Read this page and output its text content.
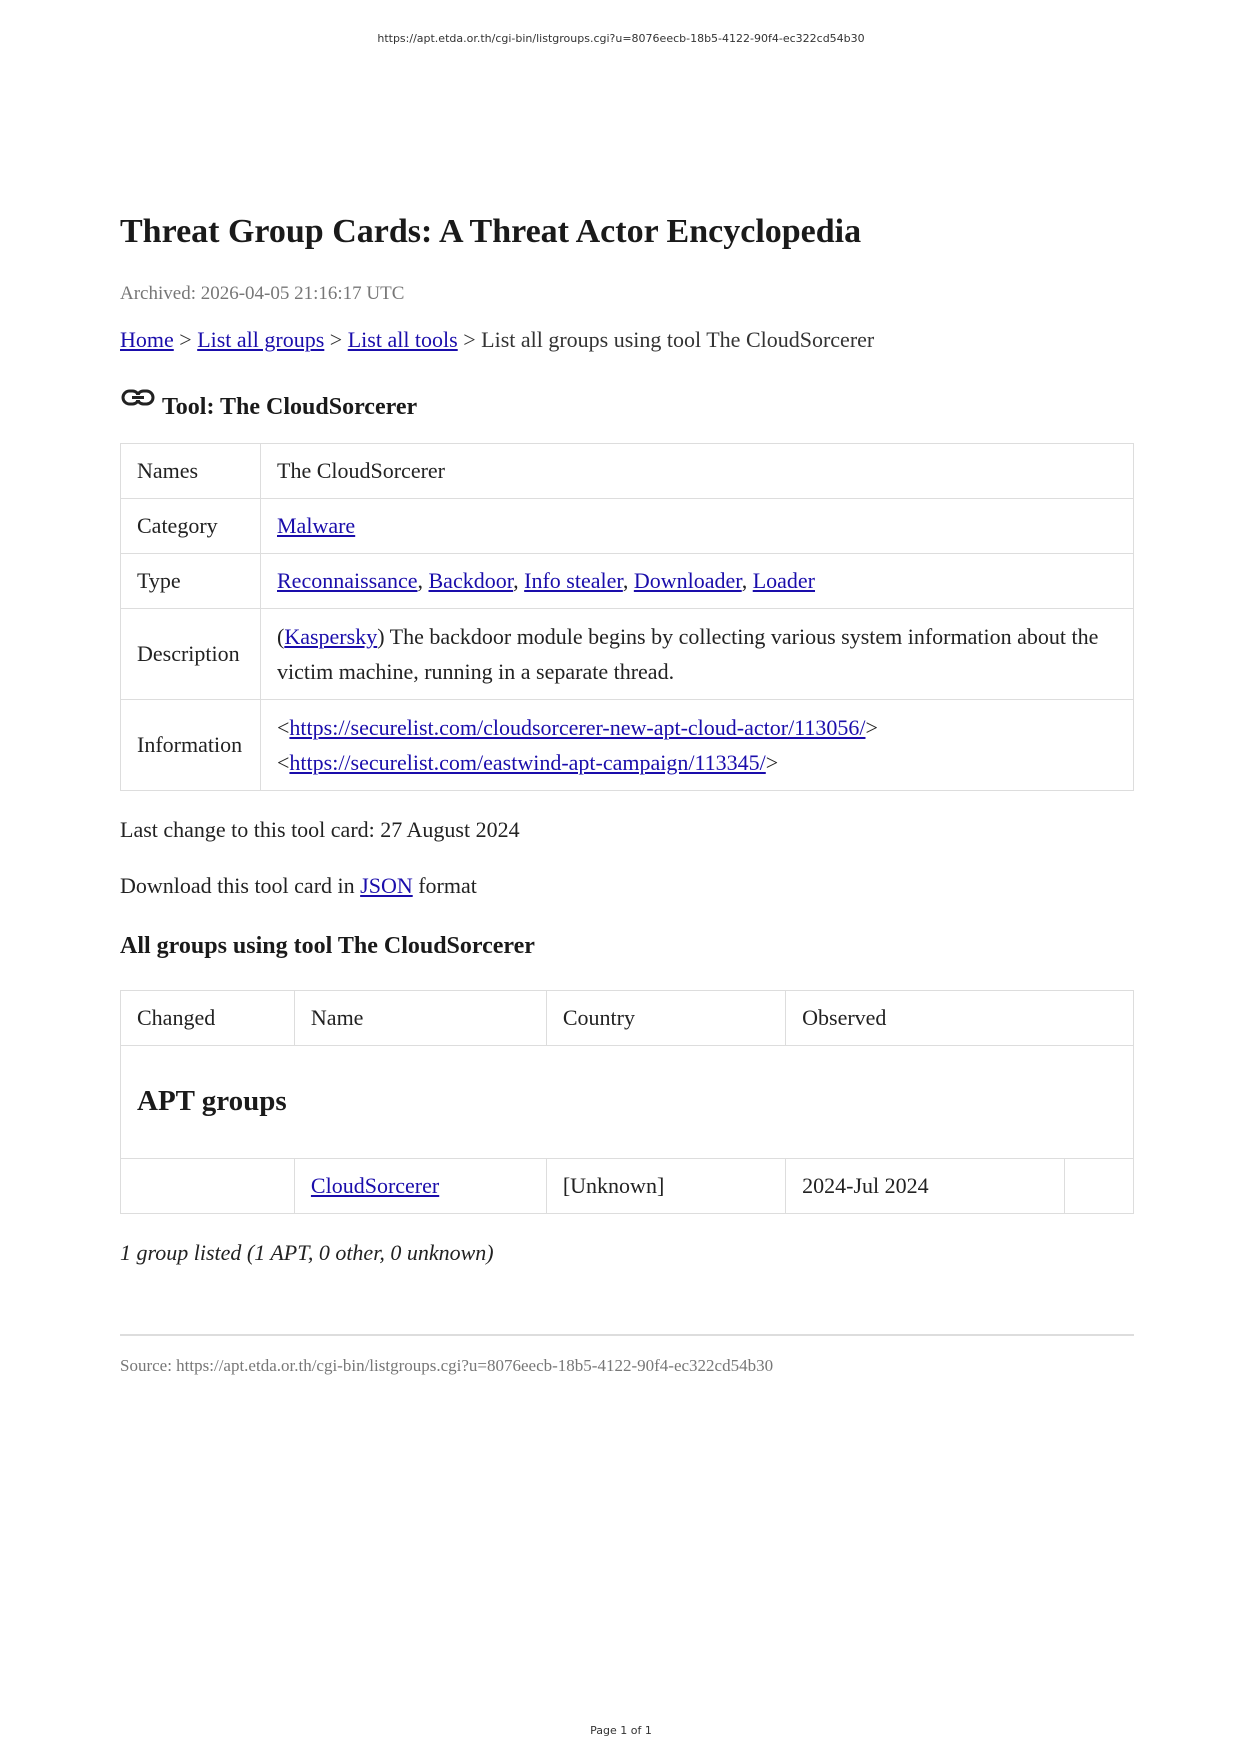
https://apt.etda.or.th/cgi-bin/listgroups.cgi?u=8076eecb-18b5-4122-90f4-ec322cd54b30
Threat Group Cards: A Threat Actor Encyclopedia
Archived: 2026-04-05 21:16:17 UTC
Home > List all groups > List all tools > List all groups using tool The CloudSorcerer
Tool: The CloudSorcerer
Names	The CloudSorcerer
Category	Malware
Type	Reconnaissance, Backdoor, Info stealer, Downloader, Loader
Description	(Kaspersky) The backdoor module begins by collecting various system information about the victim machine, running in a separate thread.
Information	<https://securelist.com/cloudsorcerer-new-apt-cloud-actor/113056/>
<https://securelist.com/eastwind-apt-campaign/113345/>
Last change to this tool card: 27 August 2024
Download this tool card in JSON format
All groups using tool The CloudSorcerer
Changed	Name	Country	Observed	
APT groups				
	CloudSorcerer	[Unknown]	2024-Jul 2024	
1 group listed (1 APT, 0 other, 0 unknown)
Source: https://apt.etda.or.th/cgi-bin/listgroups.cgi?u=8076eecb-18b5-4122-90f4-ec322cd54b30
Page 1 of 1
